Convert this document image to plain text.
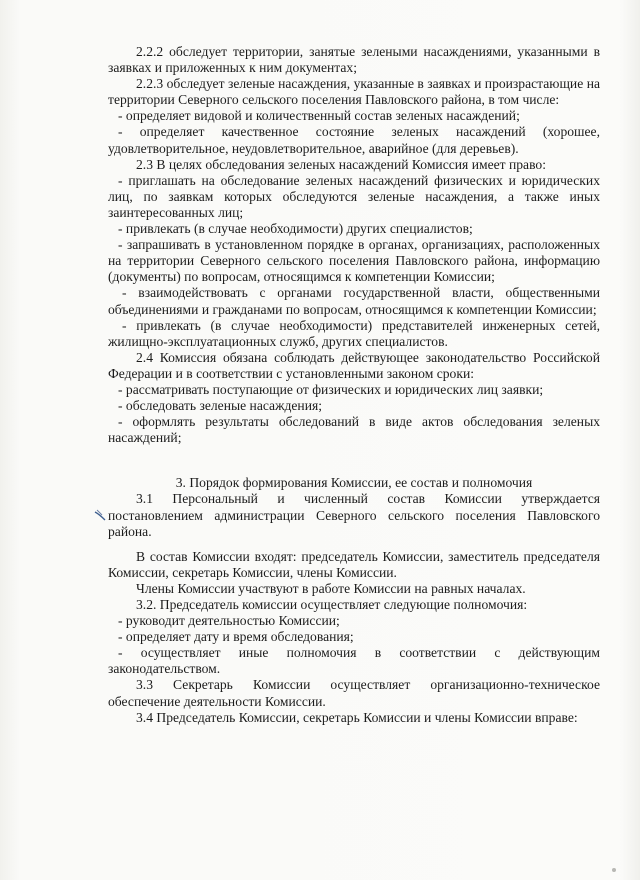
2.2.2 обследует территории, занятые зелеными насаждениями, указанными в заявках и приложенных к ним документах;

2.2.3 обследует зеленые насаждения, указанные в заявках и произрастающие на территории Северного сельского поселения Павловского района, в том числе:

- определяет видовой и количественный состав зеленых насаждений;

- определяет качественное состояние зеленых насаждений (хорошее, удовлетворительное, неудовлетворительное, аварийное (для деревьев).

2.3 В целях обследования зеленых насаждений Комиссия имеет право:

- приглашать на обследование зеленых насаждений физических и юридических лиц, по заявкам которых обследуются зеленые насаждения, а также иных заинтересованных лиц;

- привлекать (в случае необходимости) других специалистов;

- запрашивать в установленном порядке в органах, организациях, расположенных на территории Северного сельского поселения Павловского района, информацию (документы) по вопросам, относящимся к компетенции Комиссии;

- взаимодействовать с органами государственной власти, общественными объединениями и гражданами по вопросам, относящимся к компетенции Комиссии;

- привлекать (в случае необходимости) представителей инженерных сетей, жилищно-эксплуатационных служб, других специалистов.

2.4 Комиссия обязана соблюдать действующее законодательство Российской Федерации и в соответствии с установленными законом сроки:

- рассматривать поступающие от физических и юридических лиц заявки;

- обследовать зеленые насаждения;

- оформлять результаты обследований в виде актов обследования зеленых насаждений;

3. Порядок формирования Комиссии, ее состав и полномочия

3.1 Персональный и численный состав Комиссии утверждается постановлением администрации Северного сельского поселения Павловского района.

В состав Комиссии входят: председатель Комиссии, заместитель председателя Комиссии, секретарь Комиссии, члены Комиссии.

Члены Комиссии участвуют в работе Комиссии на равных началах.

3.2. Председатель комиссии осуществляет следующие полномочия:

- руководит деятельностью Комиссии;

- определяет дату и время обследования;

- осуществляет иные полномочия в соответствии с действующим законодательством.

3.3 Секретарь Комиссии осуществляет организационно-техническое обеспечение деятельности Комиссии.

3.4 Председатель Комиссии, секретарь Комиссии и члены Комиссии вправе:
